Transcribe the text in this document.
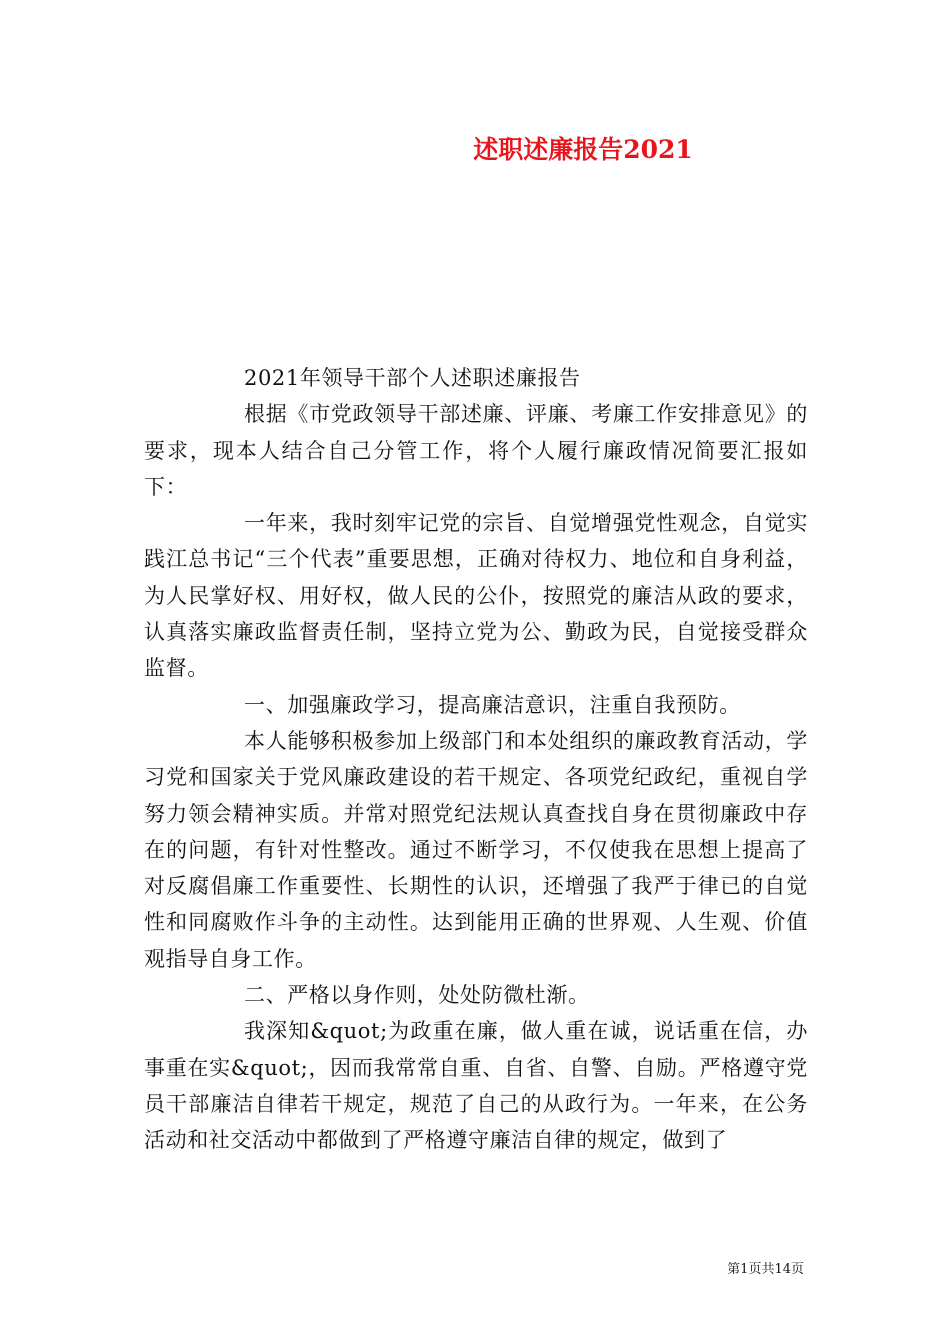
述职述廉报告2021

2021年领导干部个人述职述廉报告

根据《市党政领导干部述廉、评廉、考廉工作安排意见》的要求，现本人结合自己分管工作，将个人履行廉政情况简要汇报如下：

一年来，我时刻牢记党的宗旨、自觉增强党性观念，自觉实践江总书记“三个代表”重要思想，正确对待权力、地位和自身利益，为人民掌好权、用好权，做人民的公仆，按照党的廉洁从政的要求，认真落实廉政监督责任制，坚持立党为公、勤政为民，自觉接受群众监督。

一、加强廉政学习，提高廉洁意识，注重自我预防。

本人能够积极参加上级部门和本处组织的廉政教育活动，学习党和国家关于党风廉政建设的若干规定、各项党纪政纪，重视自学努力领会精神实质。并常对照党纪法规认真查找自身在贯彻廉政中存在的问题，有针对性整改。通过不断学习，不仅使我在思想上提高了对反腐倡廉工作重要性、长期性的认识，还增强了我严于律已的自觉性和同腐败作斗争的主动性。达到能用正确的世界观、人生观、价值观指导自身工作。

二、严格以身作则，处处防微杜渐。

我深知&quot;为政重在廉，做人重在诚，说话重在信，办事重在实&quot;，因而我常常自重、自省、自警、自励。严格遵守党员干部廉洁自律若干规定，规范了自己的从政行为。一年来，在公务活动和社交活动中都做到了严格遵守廉洁自律的规定，做到了

第1页共14页
